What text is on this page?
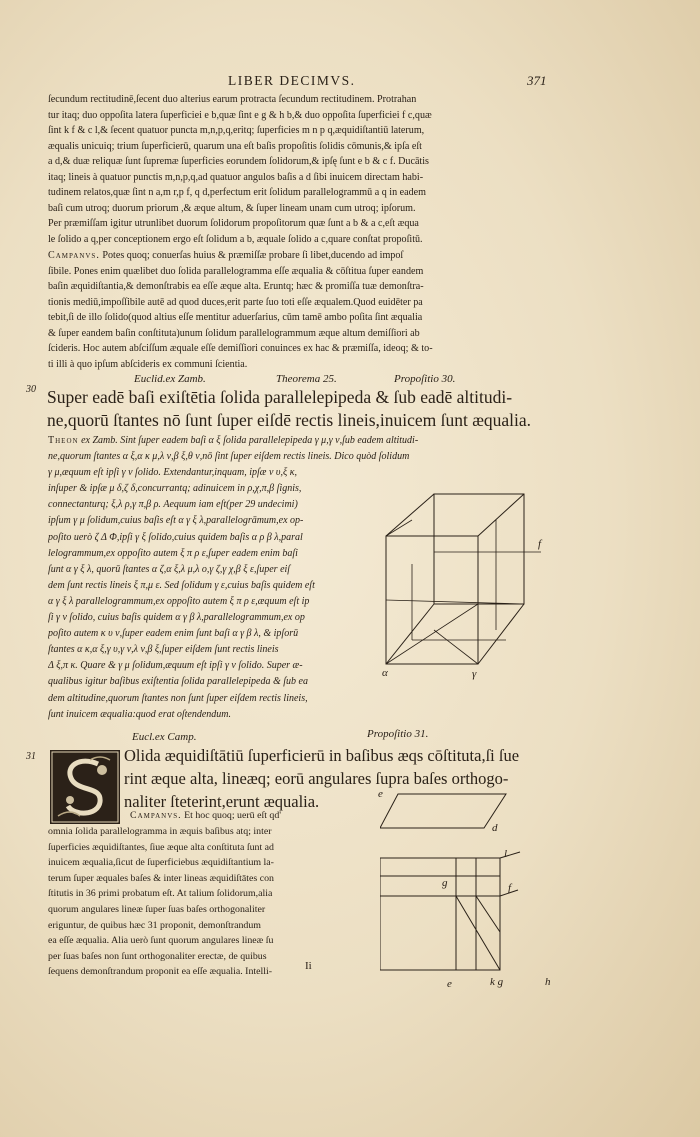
LIBER DECIMVS.	371
ſecundum rectitudinē,ſecent duo alterius earum protracta ſecundum rectitudinem. Protrahan
tur itaq; duo oppoſita latera ſuperficiei e b,quæ ſint e g & h b,& duo oppoſita ſuperficiei f c,quæ
ſint k f & c l,& ſecent quatuor puncta m,n,p,q,eritq; ſuperficies m n p q,æquidiſtantiū laterum,
æqualis unicuiq; trium ſuperficierū, quarum una eſt baſis propoſitis ſolidis cōmunis,& ipſa eſt
a d,& duæ reliquæ ſunt ſupremæ ſuperficies eorundem ſolidorum,& ipſę ſunt e b & c f. Ducātis
itaq; lineis à quatuor punctis m,n,p,q,ad quatuor angulos baſis a d ſibi inuicem directam habi-
tudinem relatos,quæ ſint n a,m r,p f, q d,perfectum erit ſolidum parallelogrammū a q in eadem
baſi cum utroq; duorum priorum ,& æque altum, & ſuper lineam unam cum utroq; ipſorum.
Per præmiſſam igitur utrunlibet duorum ſolidorum propoſitorum quæ ſunt a b & a c,eſt æqua
le ſolido a q,per conceptionem ergo eſt ſolidum a b, æquale ſolido a c,quare conſtat propoſitū.
Campanvs. Potes quoq; conuerſas huius & præmiſſæ probare ſi libet,ducendo ad impoſ
ſibile. Pones enim quælibet duo ſolida parallelogramma eſſe æqualia & cōſtitua ſuper eandem
baſin æquidiſtantia,& demonſtrabis ea eſſe æque alta. Eruntq; hæc & promiſſa tuæ demonſtra-
tionis mediū,impoſſibile autē ad quod duces,erit parte ſuo toti eſſe æqualem.Quod euidēter pa
tebit,ſi de illo ſolido(quod altius eſſe mentitur aduerſarius, cūm tamē ambo poſita ſint æqualia
& ſuper eandem baſin conſtituta)unum ſolidum parallelogrammum æque altum demiſſiori ab
ſcideris. Hoc autem abſciſſum æquale eſſe demiſſiori conuinces ex hac & præmiſſa, ideoq; & to-
ti illi à quo ipſum abſcideris ex communi ſcientia.
30
Euclid.ex Zamb.	Theorema 25.	Propoſitio 30.
Super eadē baſi exiſtētia ſolida parallelepipeda & ſub eadē altitudi-
ne,quorū ſtantes nō ſunt ſuper eiſdē rectis lineis,inuicem ſunt æqualia.
Theon ex Zamb. Sint ſuper eadem baſi α ξ ſolida parallelepipeda γ μ,γ ν,ſub eadem altitudi-
ne,quorum ſtantes α ξ,α κ μ,λ ν,β ξ,θ ν,nō ſint ſuper eiſdem rectis lineis. Dico quòd ſolidum
γ μ,æquum eſt ipſi γ ν ſolido. Extendantur,inquam, ipſæ ν υ,ξ κ,
inſuper & ipſæ μ δ,ζ δ,concurrantq; adinuicem in ρ,χ,π,β ſignis,
connectanturq; ξ,λ ρ,γ π,β ρ. Aequum iam eſt(per 29 undecimi)
ipſum γ μ ſolidum,cuius baſis eſt α γ ξ λ,parallelogrāmum,ex op-
poſito uerò ζ Δ Φ,ipſi γ ξ ſolido,cuius quidem baſis α ρ β λ,paral
lelogrammum,ex oppoſito autem ξ π ρ ε,ſuper eadem enim baſi
ſunt α γ ξ λ, quorū ſtantes α ζ,α ξ,λ μ,λ ο,γ ζ,γ χ,β ξ ε,ſuper eiſ
dem ſunt rectis lineis ξ π,μ ε. Sed ſolidum γ ε,cuius baſis quidem eſt
α γ ξ λ parallelogrammum,ex oppoſito autem ξ π ρ ε,æquum eſt ip
ſi γ ν ſolido, cuius baſis quidem α γ β λ,parallelogrammum,ex op
poſito autem κ υ ν,ſuper eadem enim ſunt baſi α γ β λ, & ipſorū
ſtantes α κ,α ξ,γ υ,γ ν,λ ν,β ξ,ſuper eiſdem ſunt rectis lineis
Δ ξ,π κ. Quare & γ μ ſolidum,æquum eſt ipſi γ ν ſolido. Super æ-
qualibus igitur baſibus exiſtentia ſolida parallelepipeda & ſub ea
dem altitudine,quorum ſtantes non ſunt ſuper eiſdem rectis lineis,
ſunt inuicem æqualia:quod erat oſtendendum.
f
α	γ
Eucl.ex Camp.	Propoſitio 31.
31	Olida æquidiſtātiū ſuperficierū in baſibus æqs cōſtituta,ſi ſue
rint æque alta, lineæq; eorū angulares ſupra baſes orthogo-
naliter ſteterint,erunt æqualia.
Campanvs. Et hoc quoq; uerū eſt qd'
omnia ſolida parallelogramma in æquis baſibus atq; inter
ſuperficies æquidiſtantes, ſiue æque alta conſtituta ſunt ad
inuicem æqualia,ſicut de ſuperficiebus æquidiſtantium la-
terum ſuper æquales baſes & inter lineas æquidiſtātes con
ſtitutis in 36 primi probatum eſt. At talium ſolidorum,alia
quorum angulares lineæ ſuper ſuas baſes orthogonaliter
eriguntur, de quibus hæc 31 proponit, demonſtrandum
ea eſſe æqualia. Alia uerò ſunt quorum angulares lineæ ſu
per ſuas baſes non ſunt orthogonaliter erectæ, de quibus
ſequens demonſtrandum proponit ea eſſe æqualia. Intelli-	Ii
e
d
l
g	f
e	k g	h
